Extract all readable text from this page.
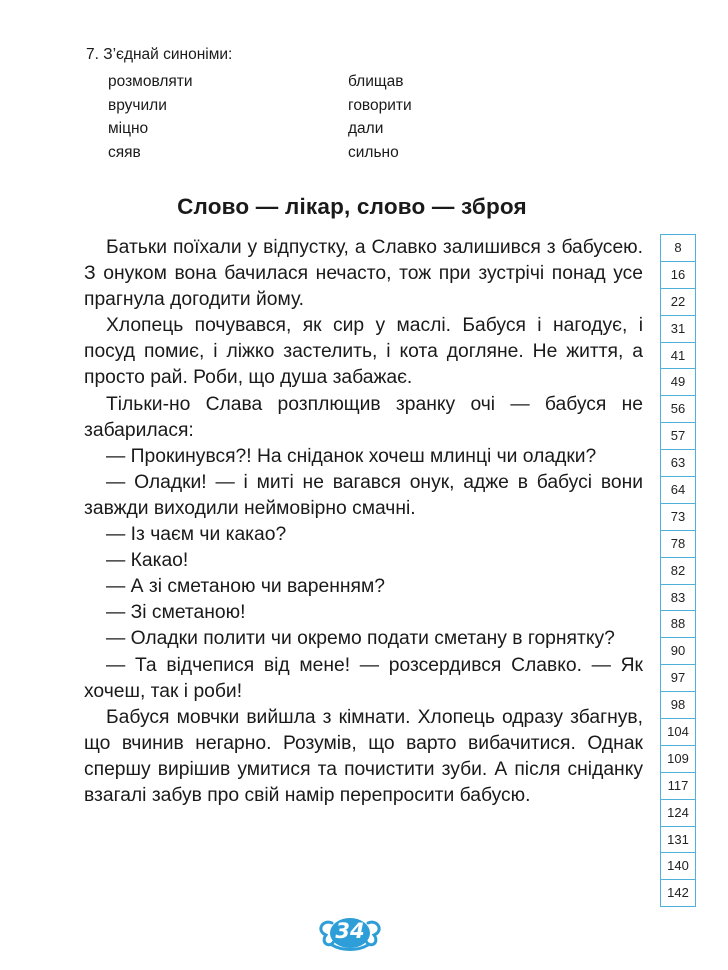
7. З’єднай синоніми:
розмовляти
вручили
міцно
сяяв
блищав
говорити
дали
сильно
Слово — лікар, слово — зброя

Батьки поїхали у відпустку, а Славко залишився з бабусею. З онуком вона бачилася нечасто, тож при зустрічі понад усе прагнула догодити йому.

Хлопець почувався, як сир у маслі. Бабуся і нагодує, і посуд помиє, і ліжко застелить, і кота догляне. Не життя, а просто рай. Роби, що душа забажає.

Тільки-но Слава розплющив зранку очі — бабуся не забарилася:

— Прокинувся?! На сніданок хочеш млинці чи оладки?

— Оладки! — і миті не вагався онук, адже в бабусі вони завжди виходили неймовірно смачні.

— Із чаєм чи какао?

— Какао!

— А зі сметаною чи варенням?

— Зі сметаною!

— Оладки полити чи окремо подати сметану в горнятку?

— Та відчепися від мене! — розсердився Славко. — Як хочеш, так і роби!

Бабуся мовчки вийшла з кімнати. Хлопець одразу збагнув, що вчинив негарно. Розумів, що варто вибачитися. Однак спершу вирішив умитися та почистити зуби. А після сніданку взагалі забув про свій намір перепросити бабусю.

8
16
22
31
41
49
56
57
63
64
73
78
82
83
88
90
97
98
104
109
117
124
131
140
142
34
